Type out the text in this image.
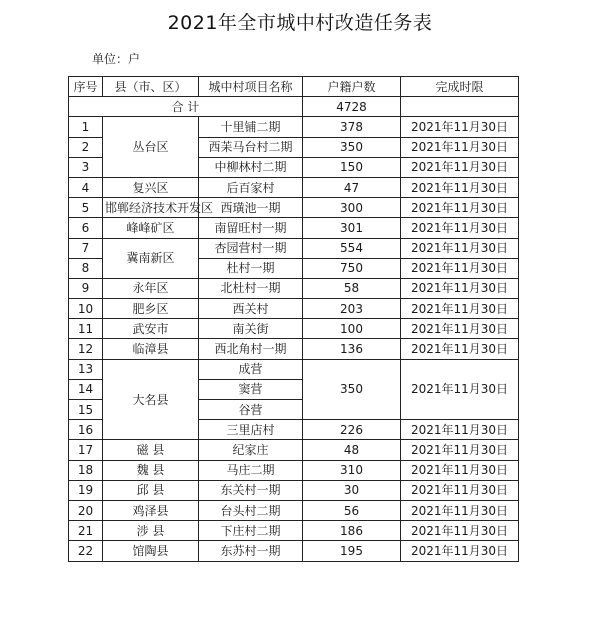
2021年全市城中村改造任务表
单位：户
序号	县（市、区）	城中村项目名称	户籍户数	完成时限
合 计			4728	
1	丛台区	十里铺二期	378	2021年11月30日
2		西苿马台村二期	350	2021年11月30日
3		中柳林村二期	150	2021年11月30日
4	复兴区	后百家村	47	2021年11月30日
5	邯郸经济技术开发区	西璜池一期	300	2021年11月30日
6	峰峰矿区	南留旺村一期	301	2021年11月30日
7	冀南新区	杏园营村一期	554	2021年11月30日
8		杜村一期	750	2021年11月30日
9	永年区	北杜村一期	58	2021年11月30日
10	肥乡区	西关村	203	2021年11月30日
11	武安市	南关街	100	2021年11月30日
12	临漳县	西北角村一期	136	2021年11月30日
13	大名县	成营	350	2021年11月30日
14		窦营		
15		谷营		
16		三里店村	226	2021年11月30日
17	磁 县	纪家庄	48	2021年11月30日
18	魏 县	马庄二期	310	2021年11月30日
19	邱 县	东关村一期	30	2021年11月30日
20	鸡泽县	台头村二期	56	2021年11月30日
21	涉 县	下庄村二期	186	2021年11月30日
22	馆陶县	东苏村一期	195	2021年11月30日
